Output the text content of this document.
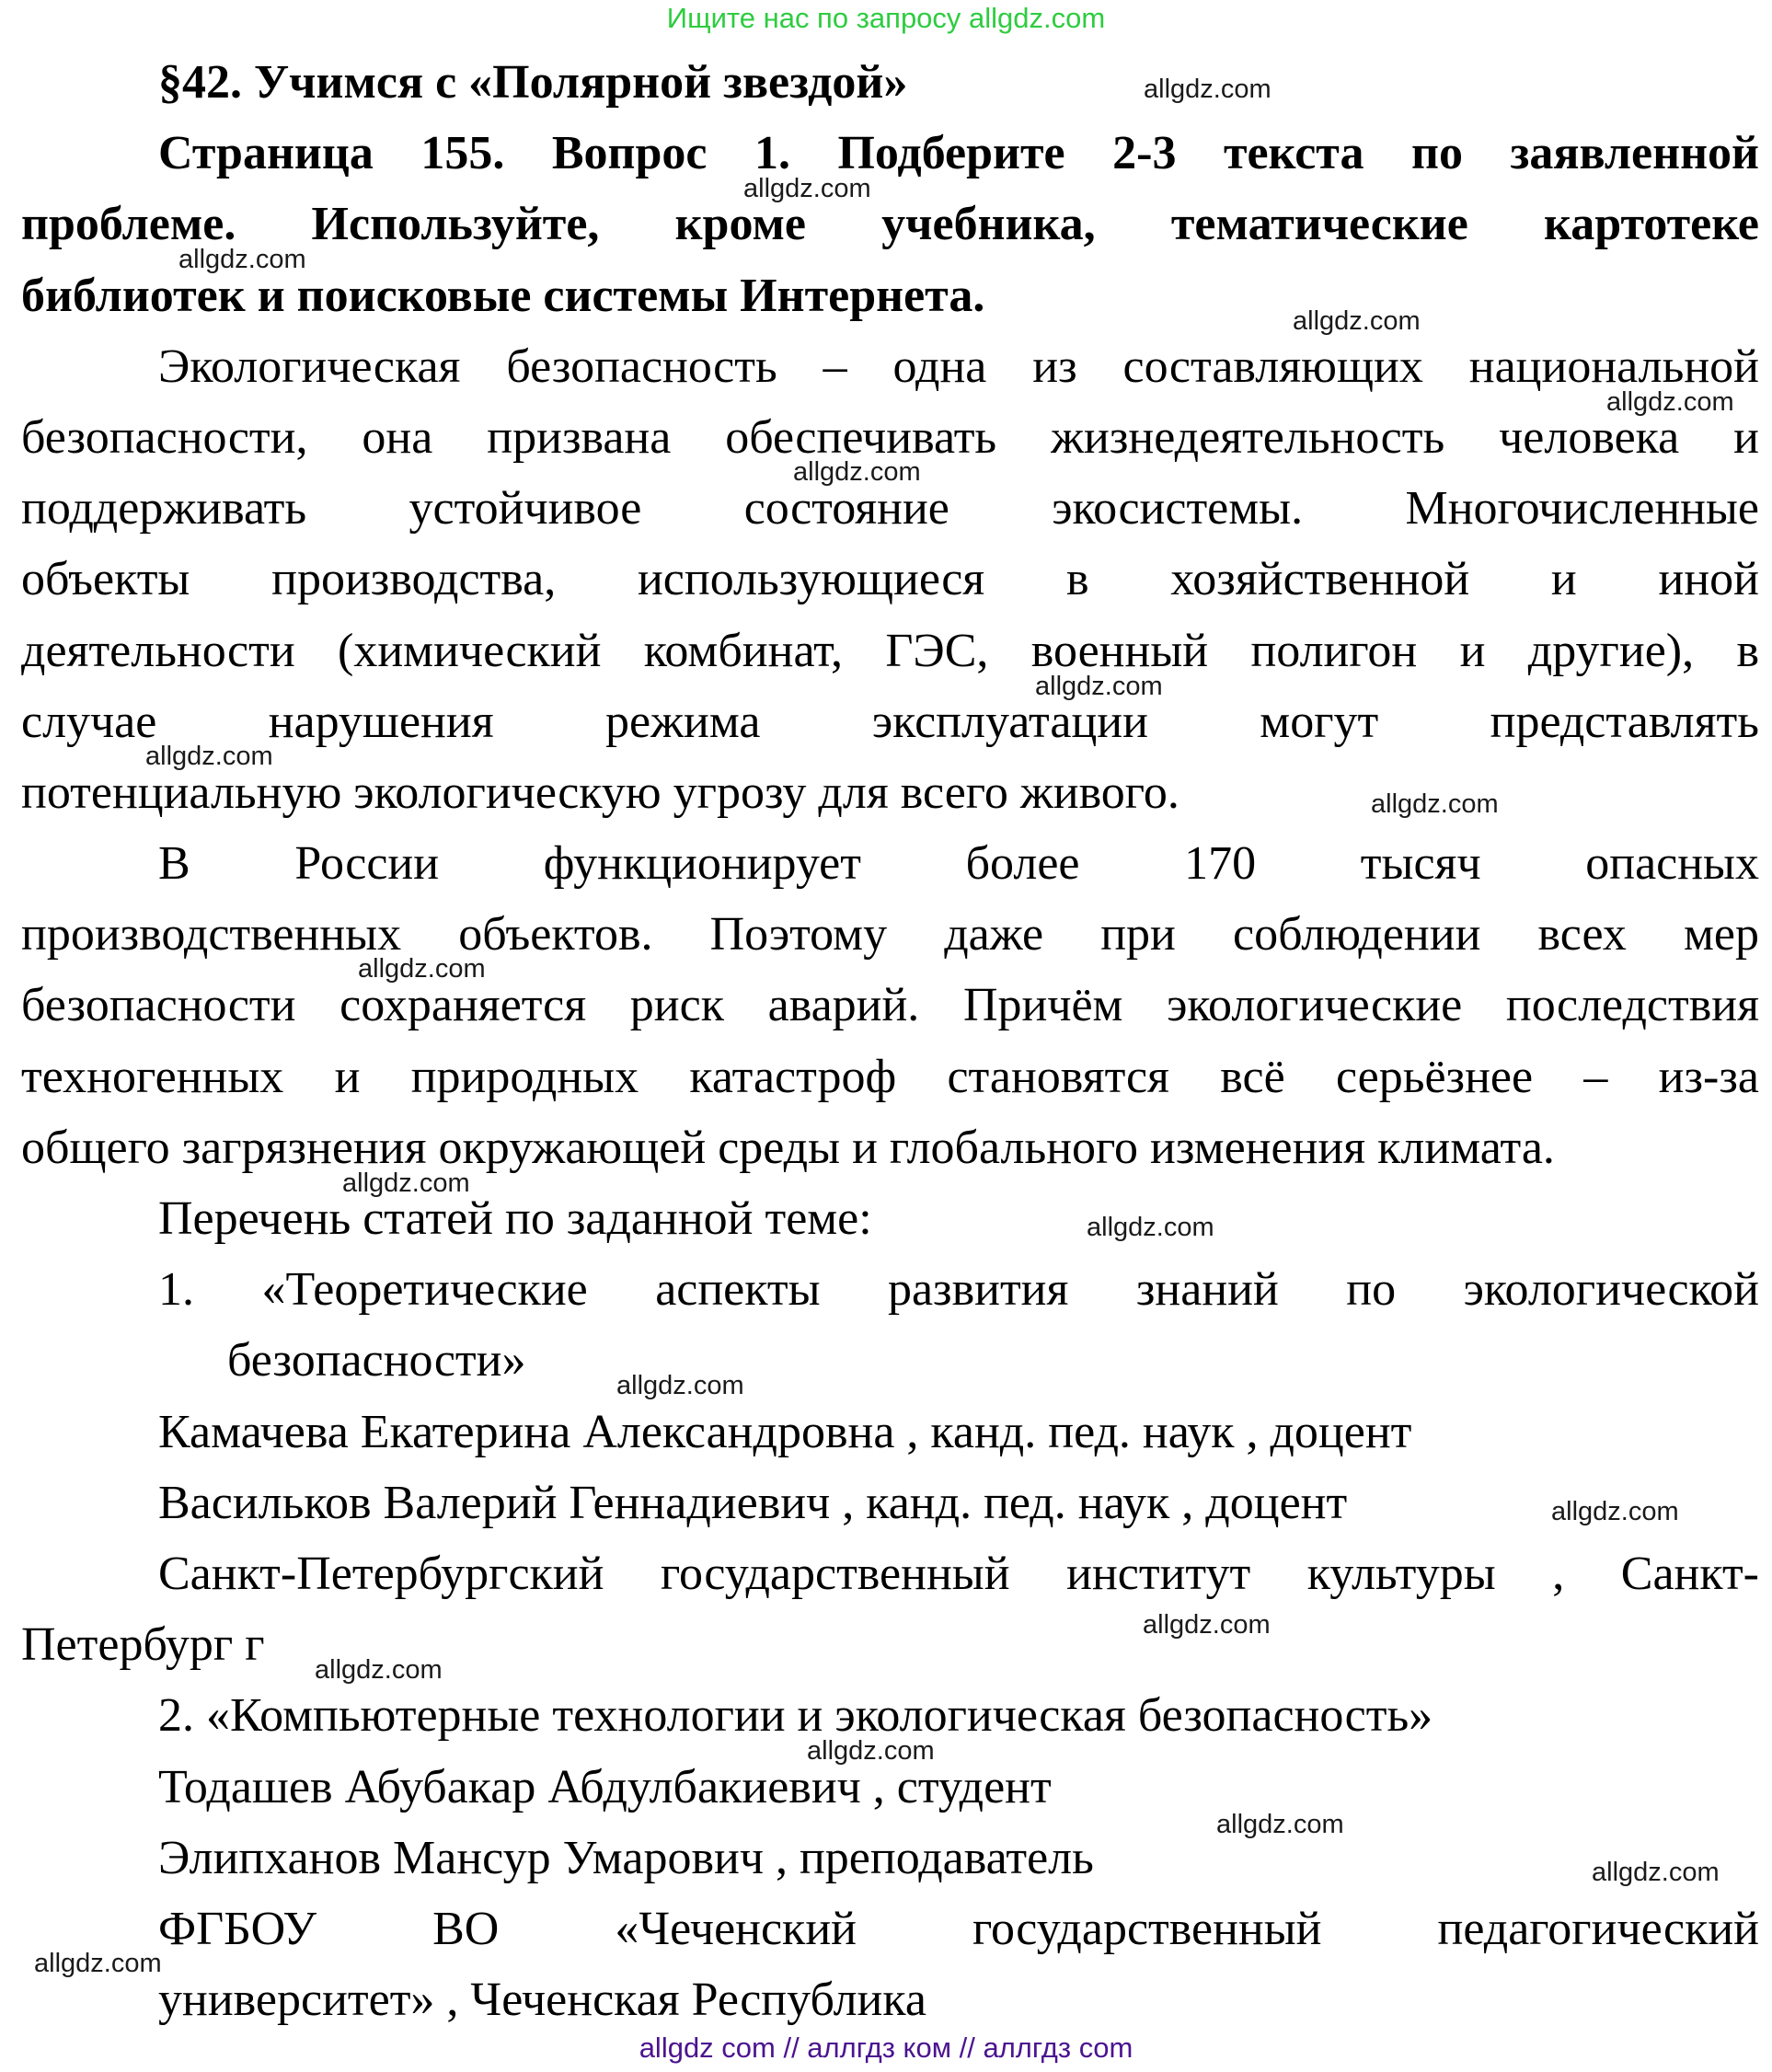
Ищите нас по запросу allgdz.com
§42. Учимся с «Полярной звездой»
Страница 155. Вопрос 1. Подберите 2-3 текста по заявленной
проблеме. Используйте, кроме учебника, тематические картотеке
библиотек и поисковые системы Интернета.
Экологическая безопасность – одна из составляющих национальной
безопасности, она призвана обеспечивать жизнедеятельность человека и
поддерживать устойчивое состояние экосистемы. Многочисленные
объекты производства, использующиеся в хозяйственной и иной
деятельности (химический комбинат, ГЭС, военный полигон и другие), в
случае нарушения режима эксплуатации могут представлять
потенциальную экологическую угрозу для всего живого.
В России функционирует более 170 тысяч опасных
производственных объектов. Поэтому даже при соблюдении всех мер
безопасности сохраняется риск аварий. Причём экологические последствия
техногенных и природных катастроф становятся всё серьёзнее – из-за
общего загрязнения окружающей среды и глобального изменения климата.
Перечень статей по заданной теме:
1. «Теоретические аспекты развития знаний по экологической
безопасности»
Камачева Екатерина Александровна , канд. пед. наук , доцент
Васильков Валерий Геннадиевич , канд. пед. наук , доцент
Санкт-Петербургский государственный институт культуры , Санкт-
Петербург г
2. «Компьютерные технологии и экологическая безопасность»
Тодашев Абубакар Абдулбакиевич , студент
Элипханов Мансур Умарович , преподаватель
ФГБОУ ВО «Чеченский государственный педагогический
университет» , Чеченская Республика
allgdz.com
allgdz.com
allgdz.com
allgdz.com
allgdz.com
allgdz.com
allgdz.com
allgdz.com
allgdz.com
allgdz.com
allgdz.com
allgdz.com
allgdz.com
allgdz.com
allgdz.com
allgdz.com
allgdz.com
allgdz.com
allgdz.com
allgdz.com
allgdz com // аллгдз ком // аллгдз com
